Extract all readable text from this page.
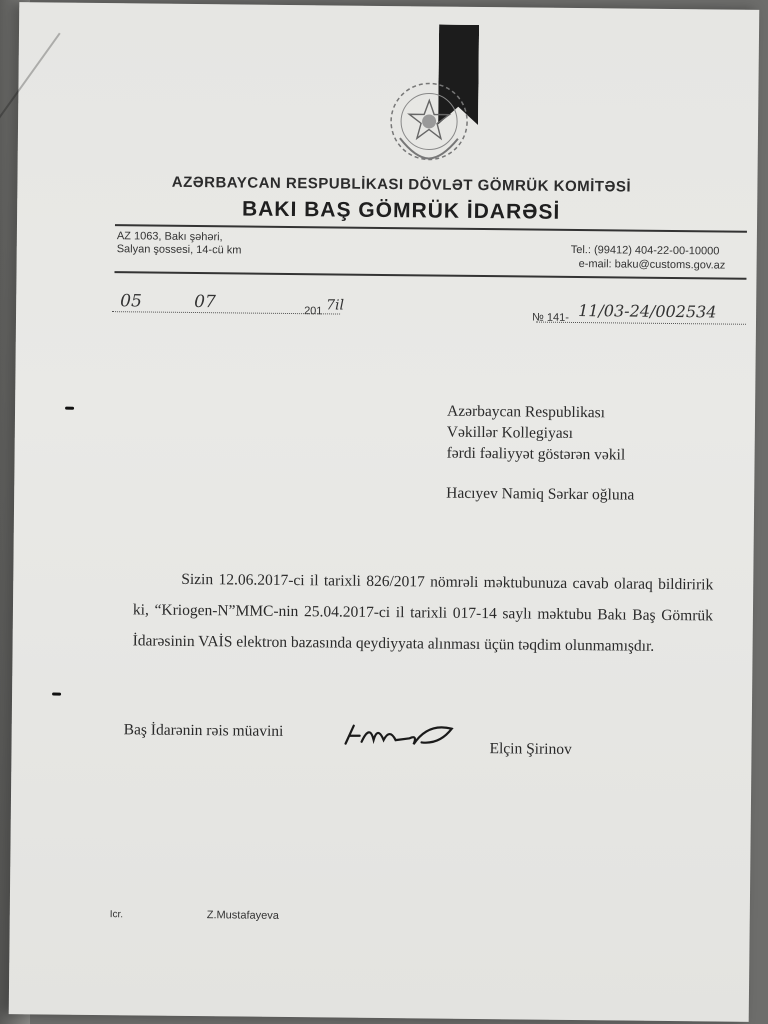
AZƏRBAYCAN RESPUBLİKASI DÖVLƏT GÖMRÜK KOMİTƏSİ
BAKI BAŞ GÖMRÜK İDARƏSİ
AZ 1063, Bakı şəhəri,
Salyan şossesi, 14-cü km	Tel.: (99412) 404-22-00-10000
e-mail: baku@customs.gov.az
05	07	201 7il
№ 141- 11/03-24/002534
Azərbaycan Respublikası
Vəkillər Kollegiyası
fərdi fəaliyyət göstərən vəkil
Hacıyev Namiq Sərkar oğluna
Sizin 12.06.2017-ci il tarixli 826/2017 nömrəli məktubunuza cavab olaraq bildiririk ki, “Kriogen-N”MMC-nin 25.04.2017-ci il tarixli 017-14 saylı məktubu Bakı Baş Gömrük İdarəsinin VAİS elektron bazasında qeydiyyata alınması üçün təqdim olunmamışdır.
Baş İdarənin rəis müavini
Elçin Şirinov
Icr.	Z.Mustafayeva
